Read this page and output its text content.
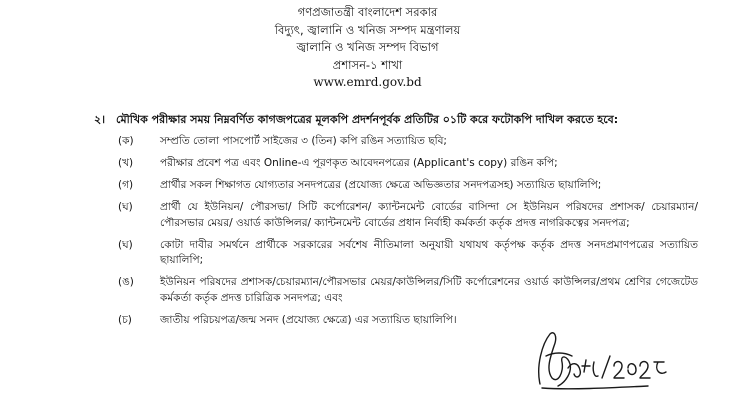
গণপ্রজাতন্ত্রী বাংলাদেশ সরকার
বিদ্যুৎ, জ্বালানি ও খনিজ সম্পদ মন্ত্রণালয়
জ্বালানি ও খনিজ সম্পদ বিভাগ
প্রশাসন-১ শাখা
www.emrd.gov.bd
২। মৌখিক পরীক্ষার সময় নিম্নবর্ণিত কাগজপত্রের মূলকপি প্রদর্শনপূর্বক প্রতিটির ০১টি করে ফটোকপি দাখিল করতে হবে:
(ক)	সম্প্রতি তোলা পাসপোর্ট সাইজের ৩ (তিন) কপি রঙিন সত্যায়িত ছবি;
(খ)	পরীক্ষার প্রবেশ পত্র এবং Online-এ পূরণকৃত আবেদনপত্রের (Applicant's copy) রঙিন কপি;
(গ)	প্রার্থীর সকল শিক্ষাগত যোগ্যতার সনদপত্রের (প্রযোজ্য ক্ষেত্রে অভিজ্ঞতার সনদপত্রসহ) সত্যায়িত ছায়ালিপি;
(ঘ)	প্রার্থী যে ইউনিয়ন/ পৌরসভা/ সিটি কর্পোরেশন/ ক্যান্টনমেন্ট বোর্ডের বাসিন্দা সে ইউনিয়ন পরিষদের প্রশাসক/ চেয়ারম্যান/ পৌরসভার মেয়র/ ওয়ার্ড কাউন্সিলর/ ক্যান্টনমেন্ট বোর্ডের প্রধান নির্বাহী কর্মকর্তা কর্তৃক প্রদত্ত নাগরিকত্বের সনদপত্র;
(ঘ)	কোটা দাবীর সমর্থনে প্রার্থীকে সরকারের সর্বশেষ নীতিমালা অনুযায়ী যথাযথ কর্তৃপক্ষ কর্তৃক প্রদত্ত সনদপ্রমাণপত্রের সত্যায়িত ছায়ালিপি;
(ঙ)	ইউনিয়ন পরিষদের প্রশাসক/চেয়ারম্যান/পৌরসভার মেয়র/কাউন্সিলর/সিটি কর্পোরেশনের ওয়ার্ড কাউন্সিলর/প্রথম শ্রেণির গেজেটেড কর্মকর্তা কর্তৃক প্রদত্ত চারিত্রিক সনদপত্র; এবং
(চ)	জাতীয় পরিচয়পত্র/জন্ম সনদ (প্রযোজ্য ক্ষেত্রে) এর সত্যায়িত ছায়ালিপি।
